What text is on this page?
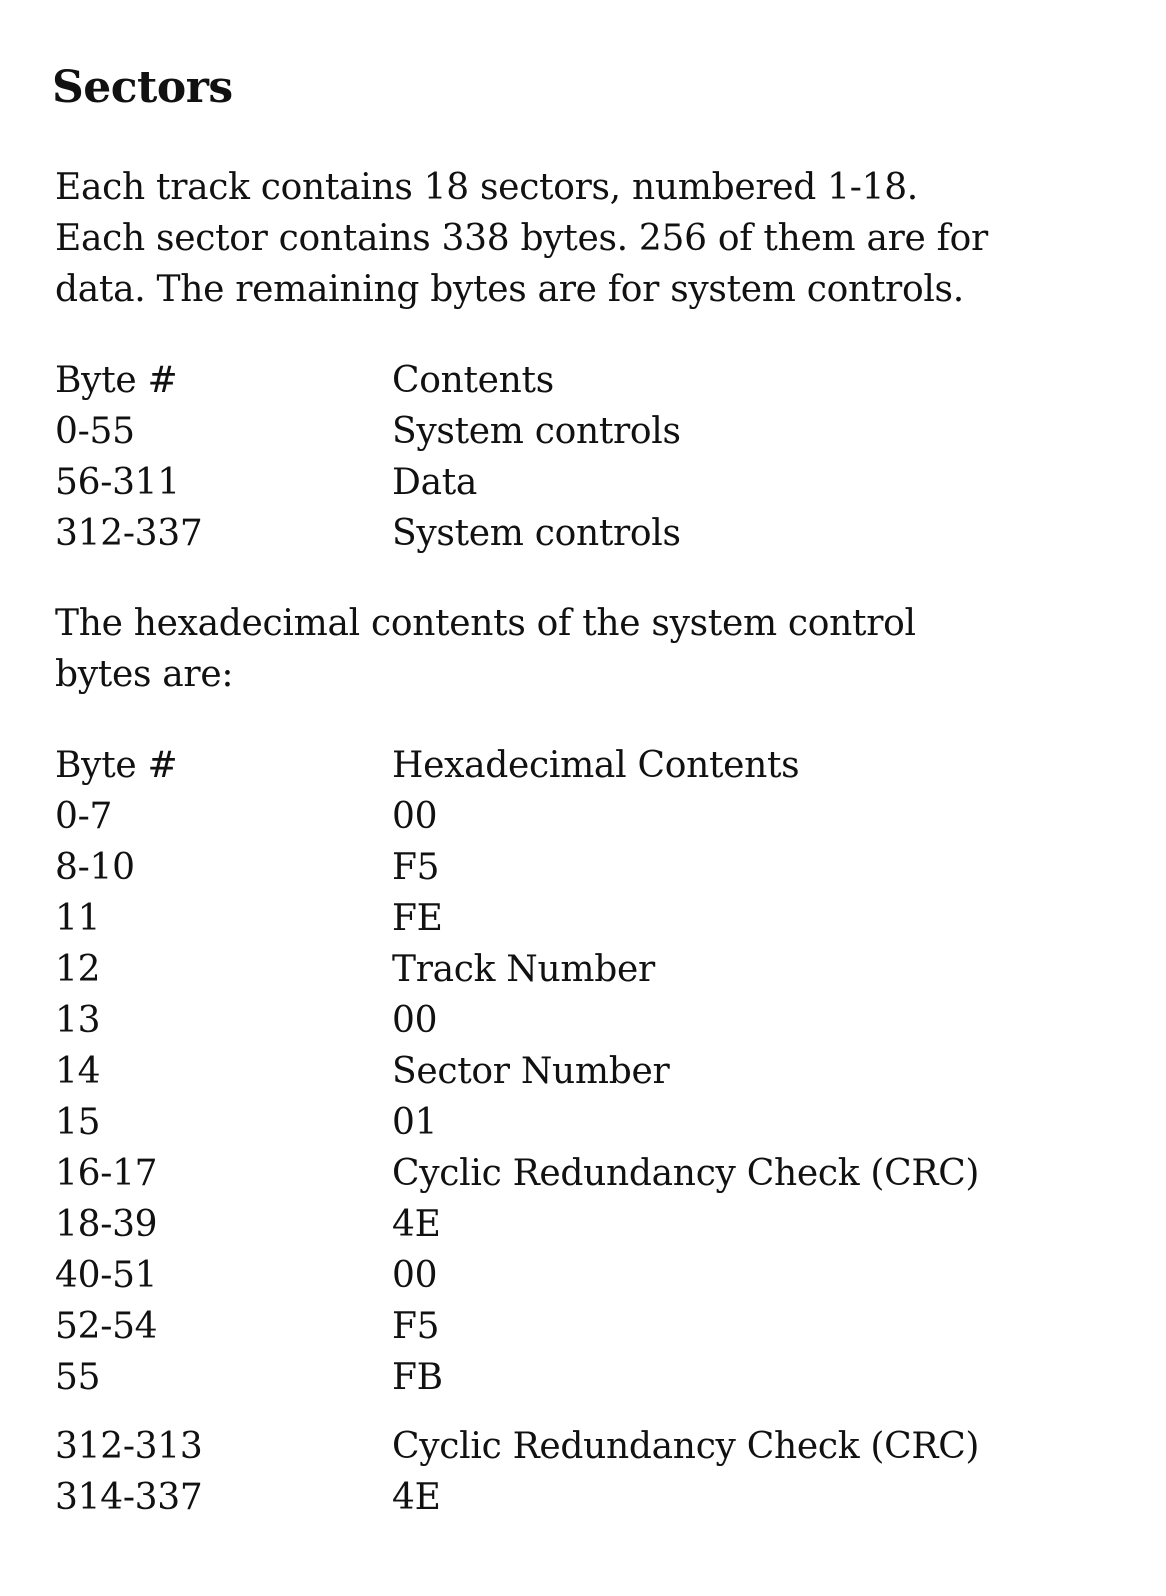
Sectors

Each track contains 18 sectors, numbered 1-18.
Each sector contains 338 bytes. 256 of them are for
data. The remaining bytes are for system controls.

Byte #	Contents
0-55	System controls
56-311	Data
312-337	System controls

The hexadecimal contents of the system control
bytes are:

Byte #	Hexadecimal Contents
0-7	00
8-10	F5
11	FE
12	Track Number
13	00
14	Sector Number
15	01
16-17	Cyclic Redundancy Check (CRC)
18-39	4E
40-51	00
52-54	F5
55	FB
312-313	Cyclic Redundancy Check (CRC)
314-337	4E
